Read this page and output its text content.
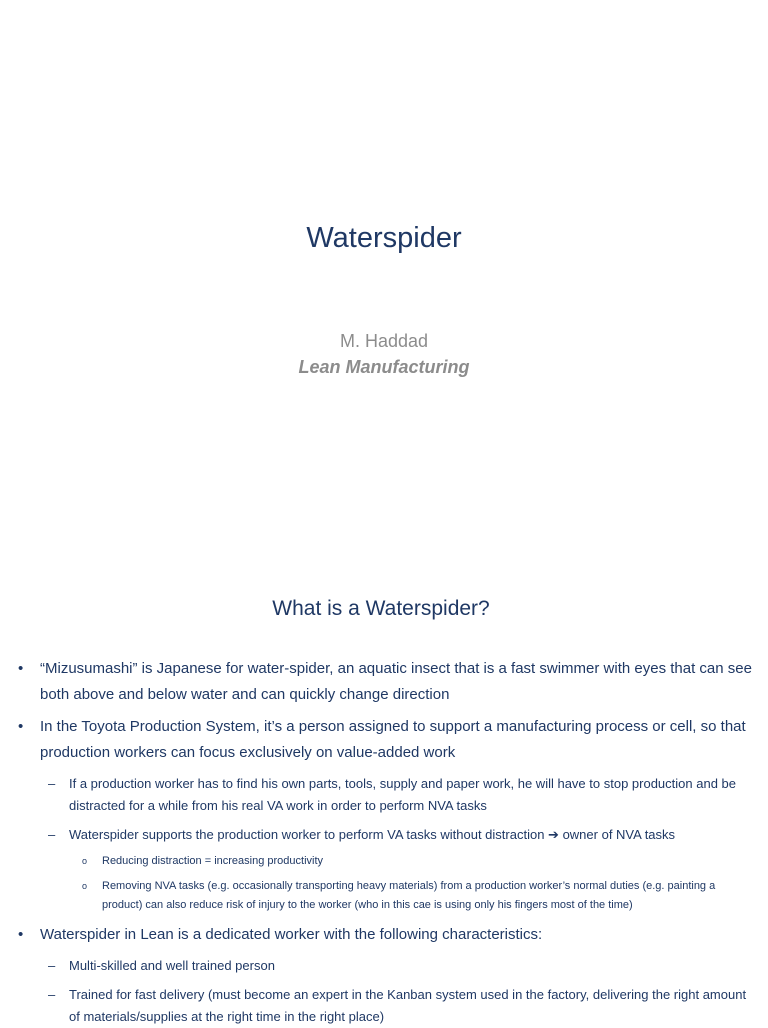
Waterspider
M. Haddad
Lean Manufacturing
What is a Waterspider?
• “Mizusumashi” is Japanese for water-spider, an aquatic insect that is a fast swimmer with eyes that can see both above and below water and can quickly change direction
• In the Toyota Production System, it’s a person assigned to support a manufacturing process or cell, so that production workers can focus exclusively on value-added work
– If a production worker has to find his own parts, tools, supply and paper work, he will have to stop production and be distracted for a while from his real VA work in order to perform NVA tasks
– Waterspider supports the production worker to perform VA tasks without distraction ➔ owner of NVA tasks
o Reducing distraction = increasing productivity
o Removing NVA tasks (e.g. occasionally transporting heavy materials) from a production worker’s normal duties (e.g. painting a product) can also reduce risk of injury to the worker (who in this cae is using only his fingers most of the time)
• Waterspider in Lean is a dedicated worker with the following characteristics:
– Multi-skilled and well trained person
– Trained for fast delivery (must become an expert in the Kanban system used in the factory, delivering the right amount of materials/supplies at the right time in the right place)
